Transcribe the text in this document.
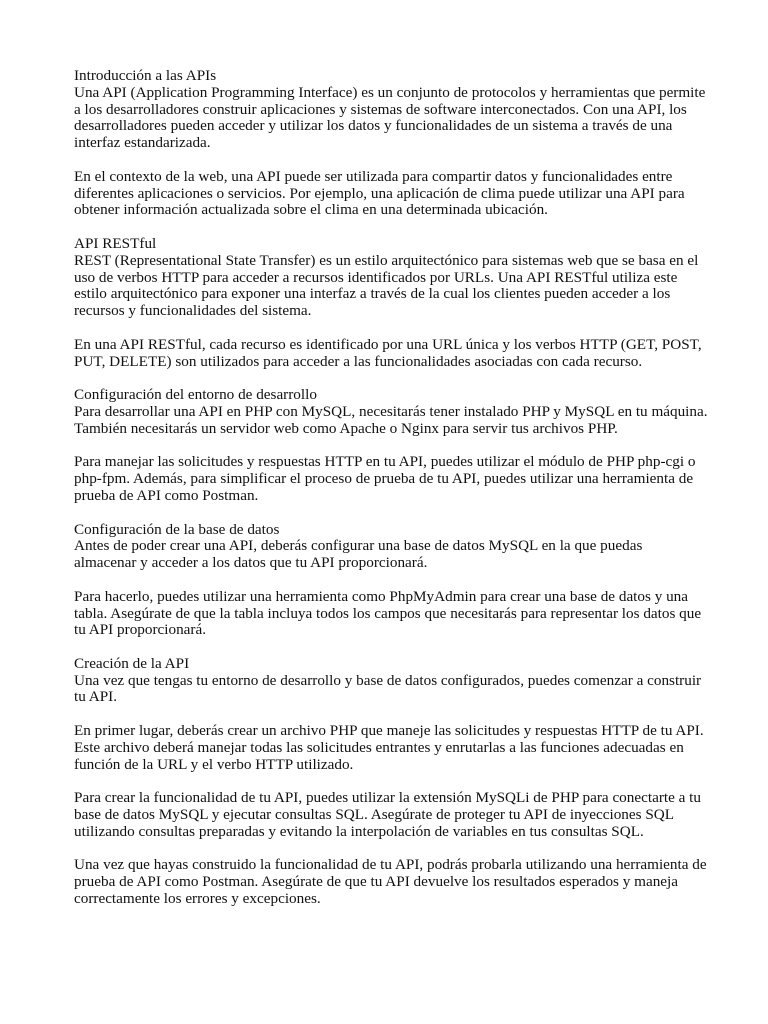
Introducción a las APIs

Una API (Application Programming Interface) es un conjunto de protocolos y herramientas que permite a los desarrolladores construir aplicaciones y sistemas de software interconectados. Con una API, los desarrolladores pueden acceder y utilizar los datos y funcionalidades de un sistema a través de una interfaz estandarizada.

En el contexto de la web, una API puede ser utilizada para compartir datos y funcionalidades entre diferentes aplicaciones o servicios. Por ejemplo, una aplicación de clima puede utilizar una API para obtener información actualizada sobre el clima en una determinada ubicación.

API RESTful

REST (Representational State Transfer) es un estilo arquitectónico para sistemas web que se basa en el uso de verbos HTTP para acceder a recursos identificados por URLs. Una API RESTful utiliza este estilo arquitectónico para exponer una interfaz a través de la cual los clientes pueden acceder a los recursos y funcionalidades del sistema.

En una API RESTful, cada recurso es identificado por una URL única y los verbos HTTP (GET, POST, PUT, DELETE) son utilizados para acceder a las funcionalidades asociadas con cada recurso.

Configuración del entorno de desarrollo

Para desarrollar una API en PHP con MySQL, necesitarás tener instalado PHP y MySQL en tu máquina. También necesitarás un servidor web como Apache o Nginx para servir tus archivos PHP.

Para manejar las solicitudes y respuestas HTTP en tu API, puedes utilizar el módulo de PHP php-cgi o php-fpm. Además, para simplificar el proceso de prueba de tu API, puedes utilizar una herramienta de prueba de API como Postman.

Configuración de la base de datos

Antes de poder crear una API, deberás configurar una base de datos MySQL en la que puedas almacenar y acceder a los datos que tu API proporcionará.

Para hacerlo, puedes utilizar una herramienta como PhpMyAdmin para crear una base de datos y una tabla. Asegúrate de que la tabla incluya todos los campos que necesitarás para representar los datos que tu API proporcionará.

Creación de la API

Una vez que tengas tu entorno de desarrollo y base de datos configurados, puedes comenzar a construir tu API.

En primer lugar, deberás crear un archivo PHP que maneje las solicitudes y respuestas HTTP de tu API. Este archivo deberá manejar todas las solicitudes entrantes y enrutarlas a las funciones adecuadas en función de la URL y el verbo HTTP utilizado.

Para crear la funcionalidad de tu API, puedes utilizar la extensión MySQLi de PHP para conectarte a tu base de datos MySQL y ejecutar consultas SQL. Asegúrate de proteger tu API de inyecciones SQL utilizando consultas preparadas y evitando la interpolación de variables en tus consultas SQL.

Una vez que hayas construido la funcionalidad de tu API, podrás probarla utilizando una herramienta de prueba de API como Postman. Asegúrate de que tu API devuelve los resultados esperados y maneja correctamente los errores y excepciones.
